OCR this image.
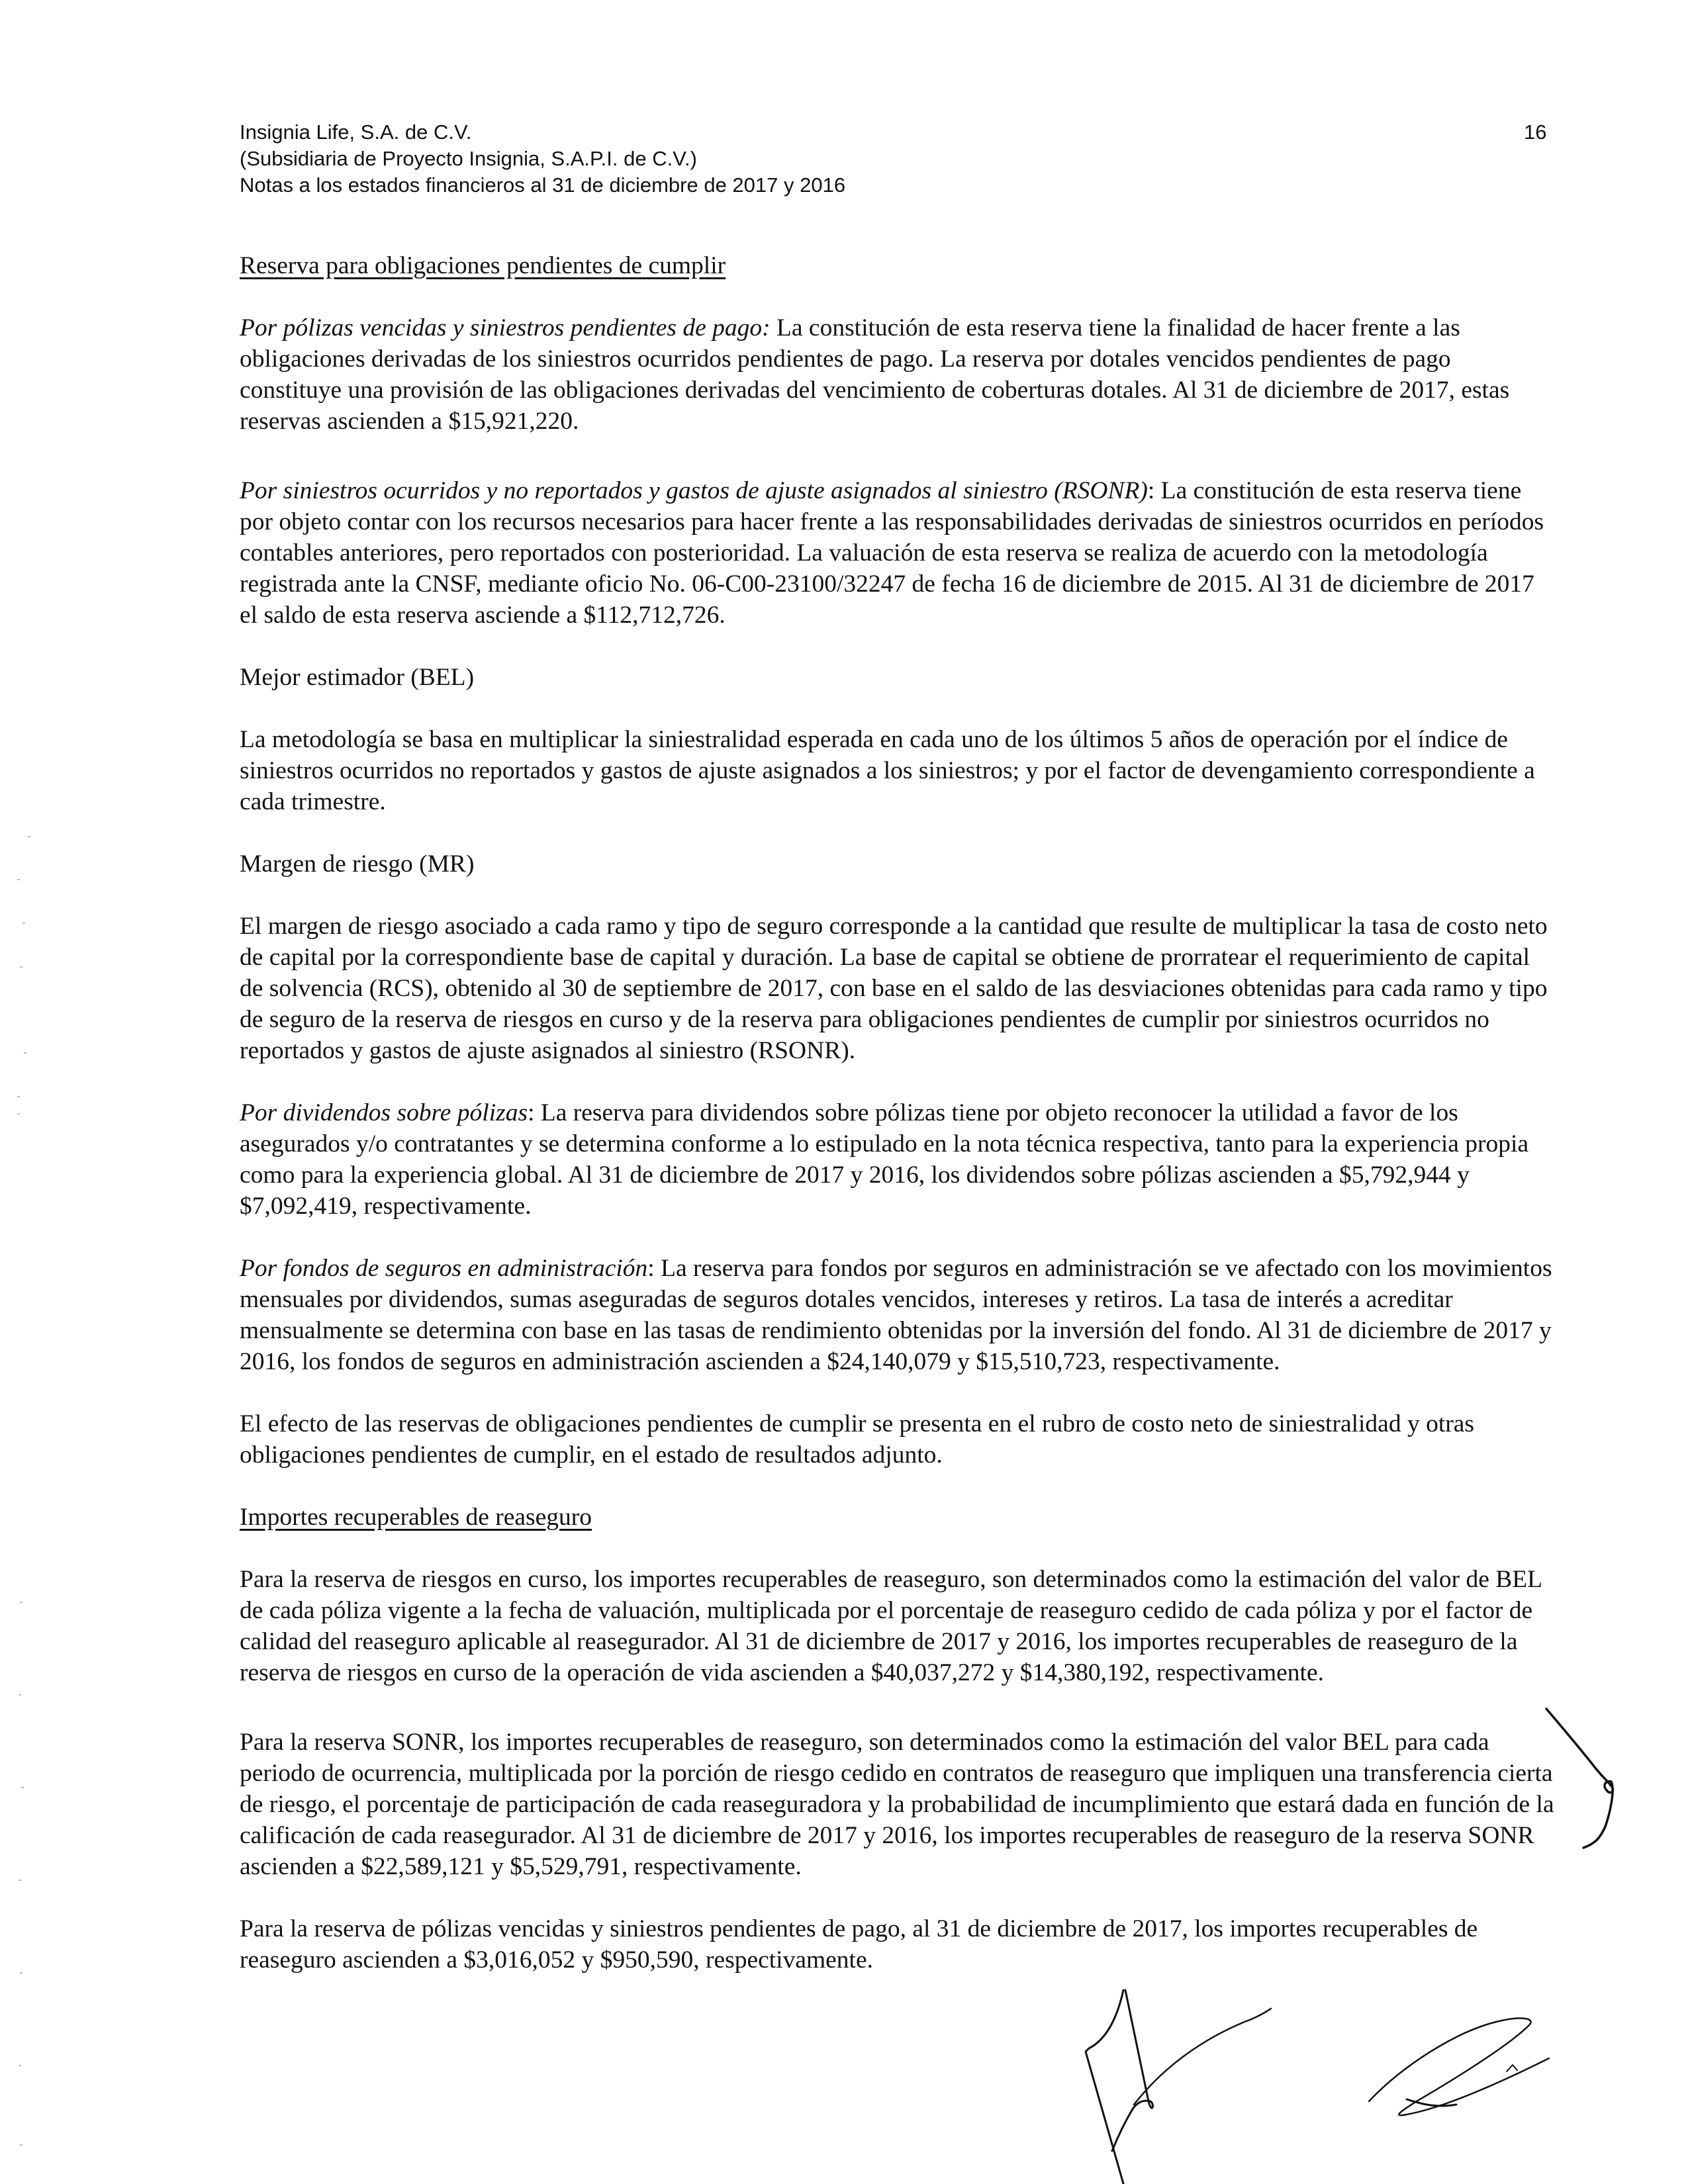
Insignia Life, S.A. de C.V.
(Subsidiaria de Proyecto Insignia, S.A.P.I. de C.V.)
Notas a los estados financieros al 31 de diciembre de 2017 y 2016
16

Reserva para obligaciones pendientes de cumplir

Por pólizas vencidas y siniestros pendientes de pago: La constitución de esta reserva tiene la finalidad de hacer frente a las obligaciones derivadas de los siniestros ocurridos pendientes de pago. La reserva por dotales vencidos pendientes de pago constituye una provisión de las obligaciones derivadas del vencimiento de coberturas dotales. Al 31 de diciembre de 2017, estas reservas ascienden a $15,921,220.

Por siniestros ocurridos y no reportados y gastos de ajuste asignados al siniestro (RSONR): La constitución de esta reserva tiene por objeto contar con los recursos necesarios para hacer frente a las responsabilidades derivadas de siniestros ocurridos en períodos contables anteriores, pero reportados con posterioridad. La valuación de esta reserva se realiza de acuerdo con la metodología registrada ante la CNSF, mediante oficio No. 06-C00-23100/32247 de fecha 16 de diciembre de 2015. Al 31 de diciembre de 2017 el saldo de esta reserva asciende a $112,712,726.

Mejor estimador (BEL)

La metodología se basa en multiplicar la siniestralidad esperada en cada uno de los últimos 5 años de operación por el índice de siniestros ocurridos no reportados y gastos de ajuste asignados a los siniestros; y por el factor de devengamiento correspondiente a cada trimestre.

Margen de riesgo (MR)

El margen de riesgo asociado a cada ramo y tipo de seguro corresponde a la cantidad que resulte de multiplicar la tasa de costo neto de capital por la correspondiente base de capital y duración. La base de capital se obtiene de prorratear el requerimiento de capital de solvencia (RCS), obtenido al 30 de septiembre de 2017, con base en el saldo de las desviaciones obtenidas para cada ramo y tipo de seguro de la reserva de riesgos en curso y de la reserva para obligaciones pendientes de cumplir por siniestros ocurridos no reportados y gastos de ajuste asignados al siniestro (RSONR).

Por dividendos sobre pólizas: La reserva para dividendos sobre pólizas tiene por objeto reconocer la utilidad a favor de los asegurados y/o contratantes y se determina conforme a lo estipulado en la nota técnica respectiva, tanto para la experiencia propia como para la experiencia global. Al 31 de diciembre de 2017 y 2016, los dividendos sobre pólizas ascienden a $5,792,944 y $7,092,419, respectivamente.

Por fondos de seguros en administración: La reserva para fondos por seguros en administración se ve afectado con los movimientos mensuales por dividendos, sumas aseguradas de seguros dotales vencidos, intereses y retiros. La tasa de interés a acreditar mensualmente se determina con base en las tasas de rendimiento obtenidas por la inversión del fondo. Al 31 de diciembre de 2017 y 2016, los fondos de seguros en administración ascienden a $24,140,079 y $15,510,723, respectivamente.

El efecto de las reservas de obligaciones pendientes de cumplir se presenta en el rubro de costo neto de siniestralidad y otras obligaciones pendientes de cumplir, en el estado de resultados adjunto.

Importes recuperables de reaseguro

Para la reserva de riesgos en curso, los importes recuperables de reaseguro, son determinados como la estimación del valor de BEL de cada póliza vigente a la fecha de valuación, multiplicada por el porcentaje de reaseguro cedido de cada póliza y por el factor de calidad del reaseguro aplicable al reasegurador. Al 31 de diciembre de 2017 y 2016, los importes recuperables de reaseguro de la reserva de riesgos en curso de la operación de vida ascienden a $40,037,272 y $14,380,192, respectivamente.

Para la reserva SONR, los importes recuperables de reaseguro, son determinados como la estimación del valor BEL para cada periodo de ocurrencia, multiplicada por la porción de riesgo cedido en contratos de reaseguro que impliquen una transferencia cierta de riesgo, el porcentaje de participación de cada reaseguradora y la probabilidad de incumplimiento que estará dada en función de la calificación de cada reasegurador. Al 31 de diciembre de 2017 y 2016, los importes recuperables de reaseguro de la reserva SONR ascienden a $22,589,121 y $5,529,791, respectivamente.

Para la reserva de pólizas vencidas y siniestros pendientes de pago, al 31 de diciembre de 2017, los importes recuperables de reaseguro ascienden a $3,016,052 y $950,590, respectivamente.
